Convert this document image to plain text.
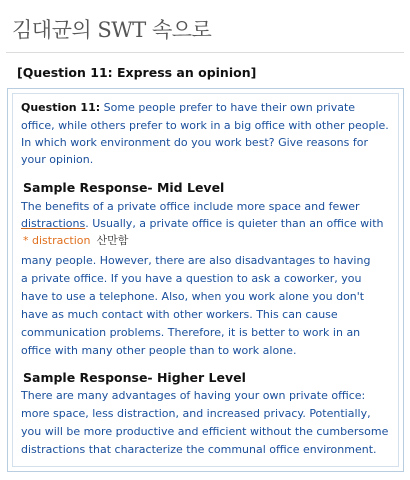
김대균의 SWT 속으로
[Question 11: Express an opinion]
Question 11: Some people prefer to have their own private
office, while others prefer to work in a big office with other people.
In which work environment do you work best? Give reasons for
your opinion.
Sample Response- Mid Level
The benefits of a private office include more space and fewer
distractions. Usually, a private office is quieter than an office with
* distraction 산만함
many people. However, there are also disadvantages to having
a private office. If you have a question to ask a coworker, you
have to use a telephone. Also, when you work alone you don't
have as much contact with other workers. This can cause
communication problems. Therefore, it is better to work in an
office with many other people than to work alone.
Sample Response- Higher Level
There are many advantages of having your own private office:
more space, less distraction, and increased privacy. Potentially,
you will be more productive and efficient without the cumbersome
distractions that characterize the communal office environment.
